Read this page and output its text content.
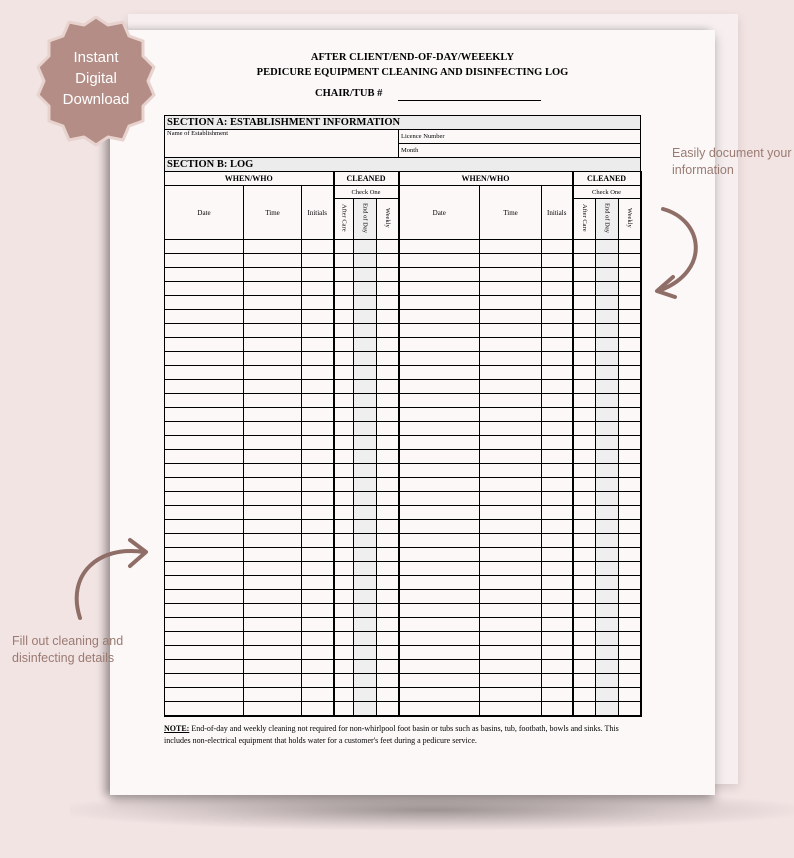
AFTER CLIENT/END-OF-DAY/WEEEKLY
PEDICURE EQUIPMENT CLEANING AND DISINFECTING LOG
CHAIR/TUB #
SECTION A: ESTABLISHMENT INFORMATION											
Name of Establishment						Licence Number					
						Month					
SECTION B: LOG											
WHEN/WHO			CLEANED			WHEN/WHO			CLEANED		
Date	Time	Initials	Check One			Date	Time	Initials	Check One		
			After Care	End of Day	Weekly				After Care	End of Day	Weekly

NOTE: End-of-day and weekly cleaning not required for non-whirlpool foot basin or tubs such as basins, tub, footbath, bowls and sinks. This includes non-electrical equipment that holds water for a customer's feet during a pedicure service.
Instant
Digital
Download
Easily document your
information
Fill out cleaning and
disinfecting details
